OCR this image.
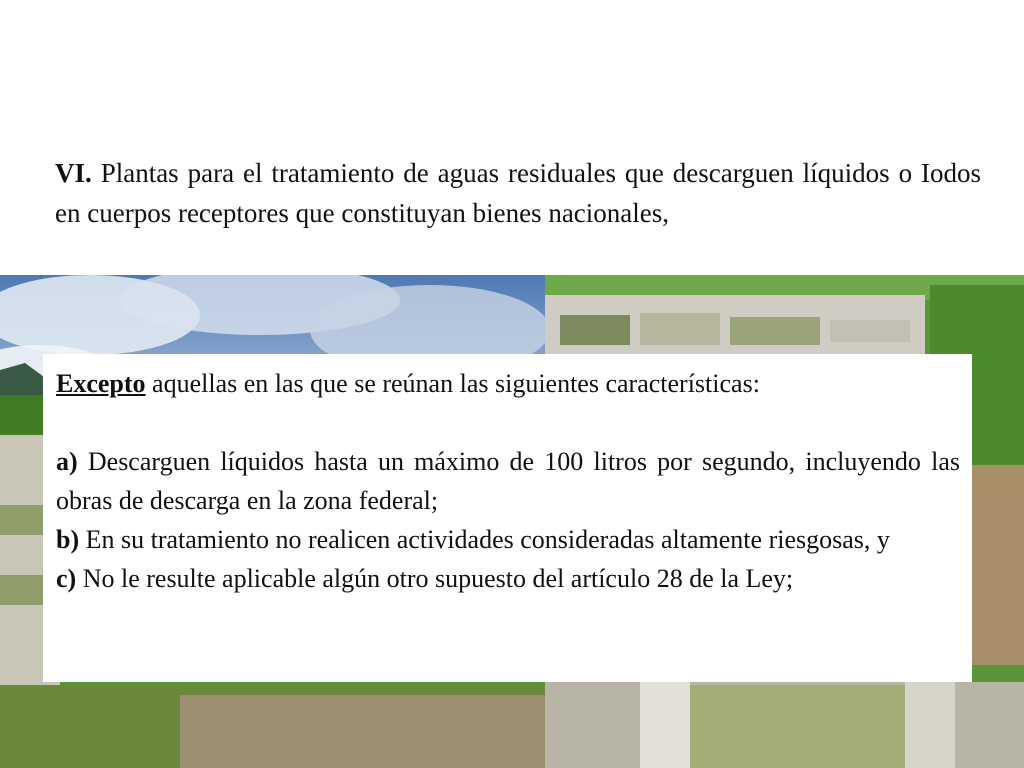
VI. Plantas para el tratamiento de aguas residuales que descarguen líquidos o Iodos en cuerpos receptores que constituyan bienes nacionales,

Excepto aquellas en las que se reúnan las siguientes características:

a) Descarguen líquidos hasta un máximo de 100 litros por segundo, incluyendo las obras de descarga en la zona federal;

b) En su tratamiento no realicen actividades consideradas altamente riesgosas, y

c) No le resulte aplicable algún otro supuesto del artículo 28 de la Ley;
